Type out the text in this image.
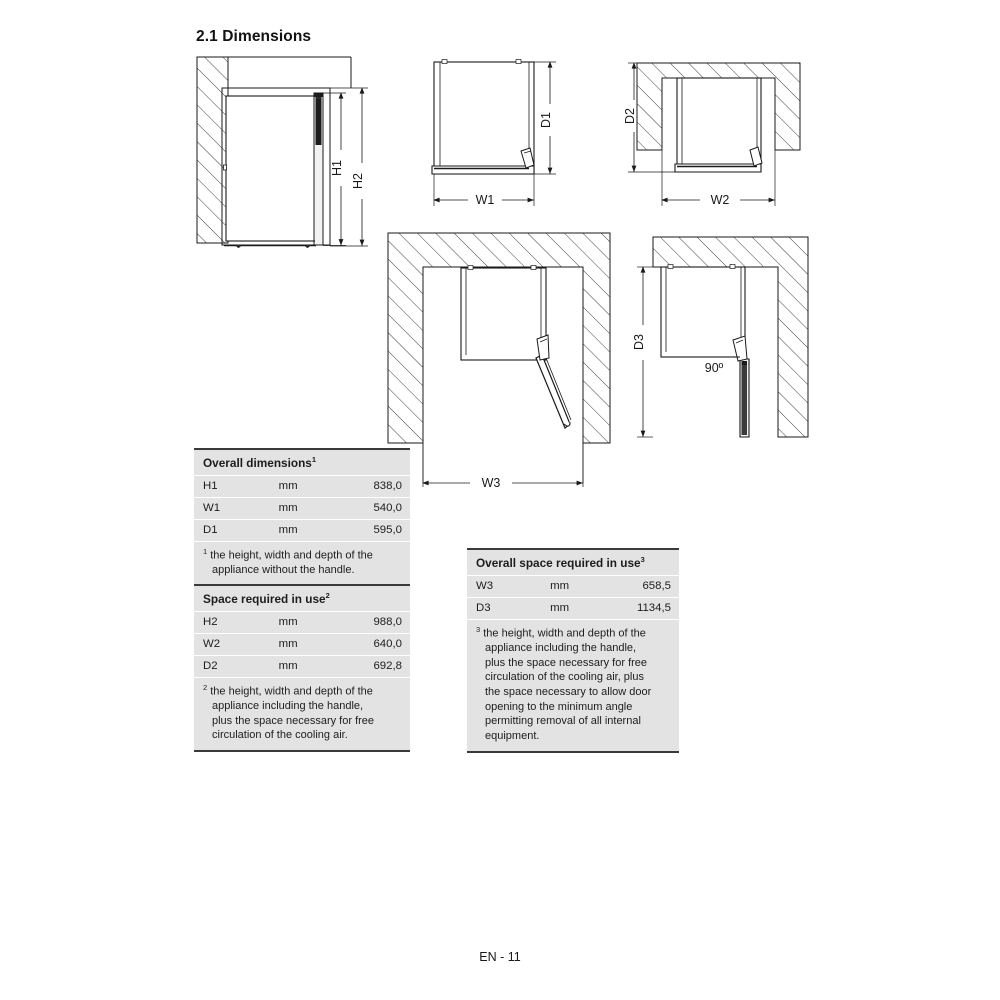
2.1 Dimensions
H1
H2
D1
W1
D2
W2
W3
D3
90º
Overall dimensions$^1$
H1	mm	838,0
W1	mm	540,0
D1	mm	595,0
$^1$ the height, width and depth of the
appliance without the handle.
Space required in use$^2$
H2	mm	988,0
W2	mm	640,0
D2	mm	692,8
$^2$ the height, width and depth of the
appliance including the handle,
plus the space necessary for free
circulation of the cooling air.
Overall space required in use$^3$
W3	mm	658,5
D3	mm	1134,5
$^3$ the height, width and depth of the
appliance including the handle,
plus the space necessary for free
circulation of the cooling air, plus
the space necessary to allow door
opening to the minimum angle
permitting removal of all internal
equipment.
EN - 11
